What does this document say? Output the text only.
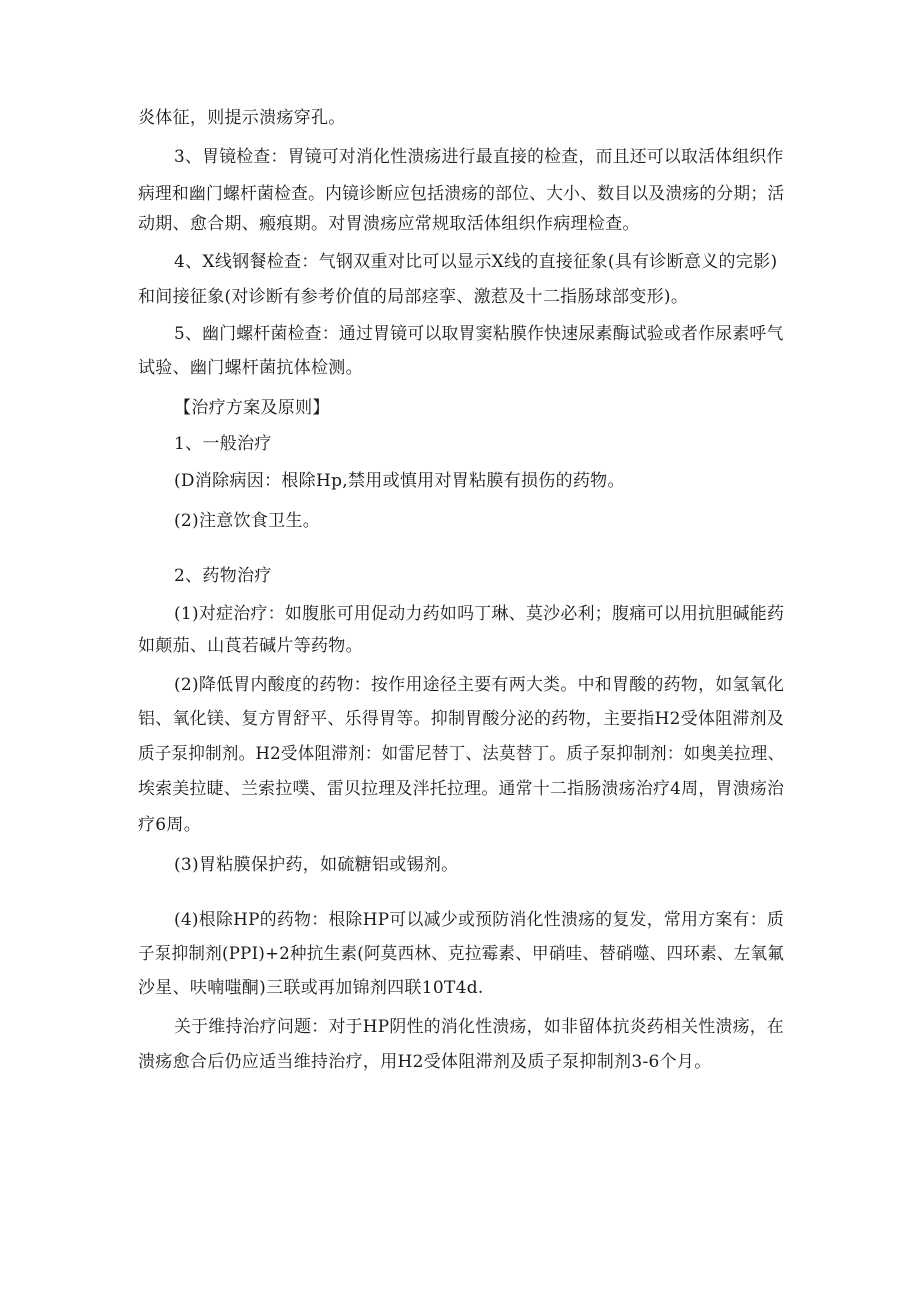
炎体征，则提示溃疡穿孔。
3、胃镜检查：胃镜可对消化性溃疡进行最直接的检查，而且还可以取活体组织作
病理和幽门螺杆菌检查。内镜诊断应包括溃疡的部位、大小、数目以及溃疡的分期；活
动期、愈合期、瘢痕期。对胃溃疡应常规取活体组织作病理检查。
4、X线钢餐检查：气钢双重对比可以显示X线的直接征象(具有诊断意义的完影)
和间接征象(对诊断有参考价值的局部痉挛、激惹及十二指肠球部变形)。
5、幽门螺杆菌检查：通过胃镜可以取胃窦粘膜作快速尿素酶试验或者作尿素呼气
试验、幽门螺杆菌抗体检测。
【治疗方案及原则】
1、一般治疗
(D消除病因：根除Hp,禁用或慎用对胃粘膜有损伤的药物。
(2)注意饮食卫生。
2、药物治疗
(1)对症治疗：如腹胀可用促动力药如吗丁琳、莫沙必利；腹痛可以用抗胆碱能药
如颠茄、山莨若碱片等药物。
(2)降低胃内酸度的药物：按作用途径主要有两大类。中和胃酸的药物，如氢氧化
铝、氧化镁、复方胃舒平、乐得胃等。抑制胃酸分泌的药物，主要指H2受体阻滞剂及
质子泵抑制剂。H2受体阻滞剂：如雷尼替丁、法莫替丁。质子泵抑制剂：如奥美拉理、
埃索美拉睫、兰索拉噗、雷贝拉理及泮托拉理。通常十二指肠溃疡治疗4周，胃溃疡治
疗6周。
(3)胃粘膜保护药，如硫糖铝或锡剂。
(4)根除HP的药物：根除HP可以减少或预防消化性溃疡的复发，常用方案有：质
子泵抑制剂(PPI)+2种抗生素(阿莫西林、克拉霉素、甲硝哇、替硝噬、四环素、左氧氟
沙星、呋喃嗤酮)三联或再加锦剂四联10T4d.
关于维持治疗问题：对于HP阴性的消化性溃疡，如非留体抗炎药相关性溃疡，在
溃疡愈合后仍应适当维持治疗，用H2受体阻滞剂及质子泵抑制剂3-6个月。
